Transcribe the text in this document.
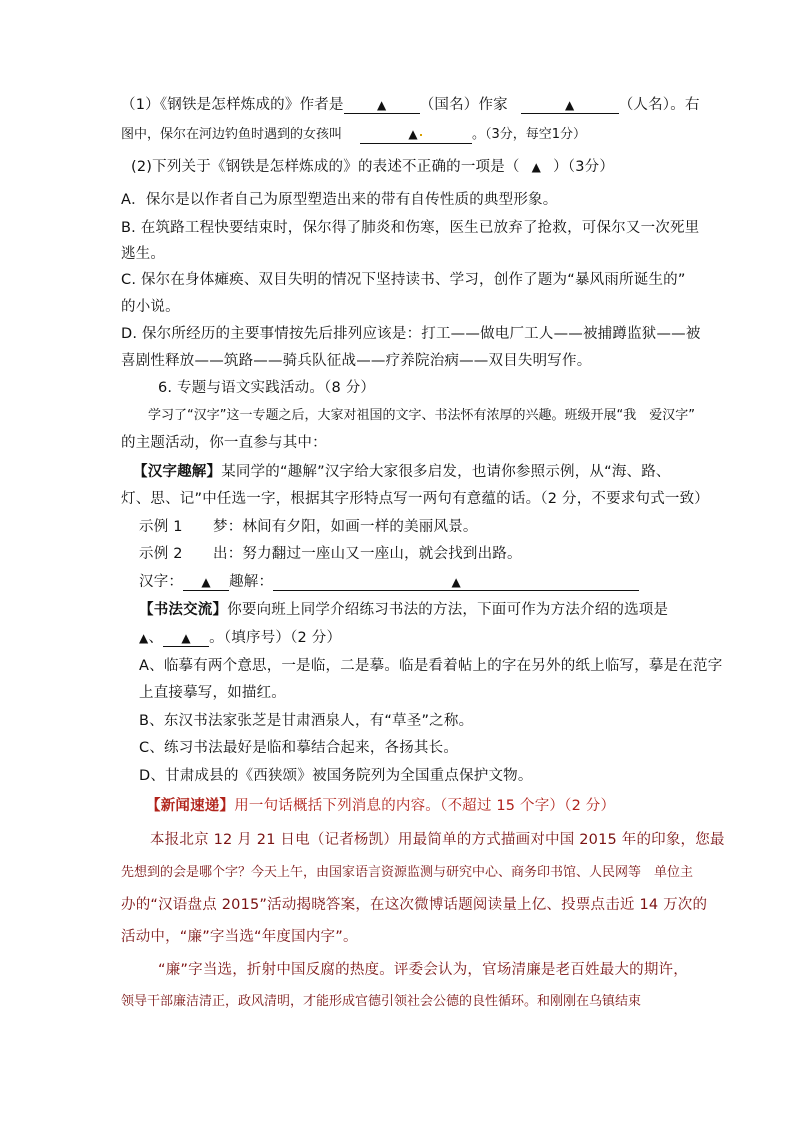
（1）《钢铁是怎样炼成的》作者是	▲ （国名）作家	▲	（人名）。右
图中，保尔在河边钓鱼时遇到的女孩叫	▲	。（3分，每空1分）
(2)下列关于《钢铁是怎样炼成的》的表述不正确的一项是（ ▲ ）（3分）
A．保尔是以作者自己为原型塑造出来的带有自传性质的典型形象。
B. 在筑路工程快要结束时，保尔得了肺炎和伤寒，医生已放弃了抢救，可保尔又一次死里
逃生。
C. 保尔在身体瘫痪、双目失明的情况下坚持读书、学习，创作了题为“暴风雨所诞生的”
的小说。
D. 保尔所经历的主要事情按先后排列应该是：打工——做电厂工人——被捕蹲监狱——被
喜剧性释放——筑路——骑兵队征战——疗养院治病——双目失明写作。
6. 专题与语文实践活动。（8 分）
学习了“汉字”这一专题之后，大家对祖国的文字、书法怀有浓厚的兴趣。班级开展“我　爱汉字”
的主题活动，你一直参与其中：
【汉字趣解】某同学的“趣解”汉字给大家很多启发，也请你参照示例，从“海、路、
灯、思、记”中任选一字，根据其字形特点写一两句有意蕴的话。（2 分，不要求句式一致）
示例 1 梦：林间有夕阳，如画一样的美丽风景。
示例 2 出：努力翻过一座山又一座山，就会找到出路。
汉字： ▲ 趣解：	▲
【书法交流】你要向班上同学介绍练习书法的方法，下面可作为方法介绍的选项是
▲、 ▲ 。（填序号）（2 分）
A、临摹有两个意思，一是临，二是摹。临是看着帖上的字在另外的纸上临写，摹是在范字
上直接摹写，如描红。
B、东汉书法家张芝是甘肃酒泉人，有“草圣”之称。
C、练习书法最好是临和摹结合起来，各扬其长。
D、甘肃成县的《西狭颂》被国务院列为全国重点保护文物。
【新闻速递】用一句话概括下列消息的内容。（不超过 15 个字）（2 分）
本报北京 12 月 21 日电（记者杨凯）用最简单的方式描画对中国 2015 年的印象，您最
先想到的会是哪个字？今天上午，由国家语言资源监测与研究中心、商务印书馆、人民网等　单位主
办的“汉语盘点 2015”活动揭晓答案，在这次微博话题阅读量上亿、投票点击近 14 万次的
活动中，“廉”字当选“年度国内字”。
“廉”字当选，折射中国反腐的热度。评委会认为，官场清廉是老百姓最大的期许，
领导干部廉洁清正，政风清明，才能形成官德引领社会公德的良性循环。和刚刚在乌镇结束
